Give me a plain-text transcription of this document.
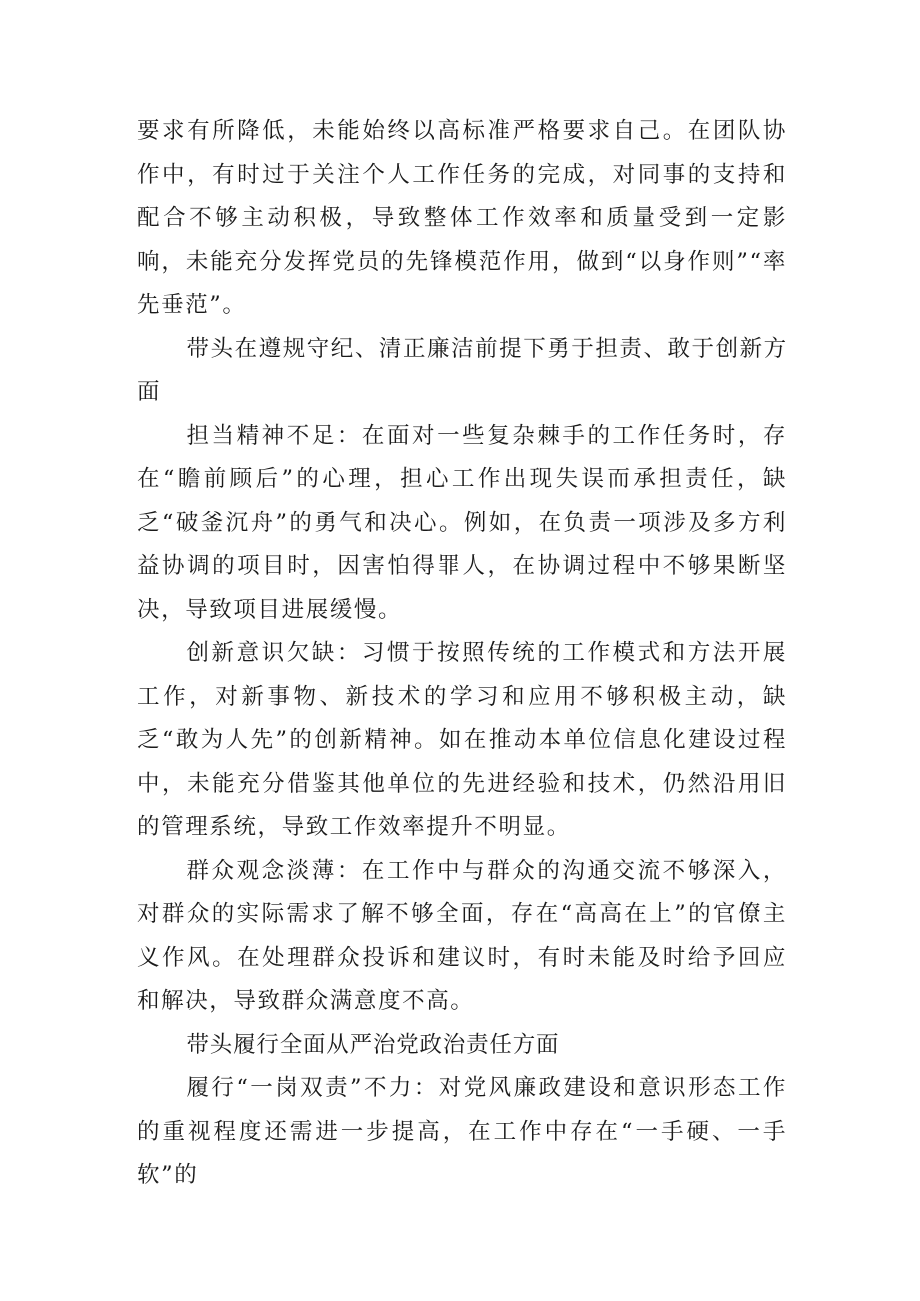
要求有所降低，未能始终以高标准严格要求自己。在团队协作中，有时过于关注个人工作任务的完成，对同事的支持和配合不够主动积极，导致整体工作效率和质量受到一定影响，未能充分发挥党员的先锋模范作用，做到“以身作则”“率先垂范”。

带头在遵规守纪、清正廉洁前提下勇于担责、敢于创新方面

担当精神不足：在面对一些复杂棘手的工作任务时，存在“瞻前顾后”的心理，担心工作出现失误而承担责任，缺乏“破釜沉舟”的勇气和决心。例如，在负责一项涉及多方利益协调的项目时，因害怕得罪人，在协调过程中不够果断坚决，导致项目进展缓慢。

创新意识欠缺：习惯于按照传统的工作模式和方法开展工作，对新事物、新技术的学习和应用不够积极主动，缺乏“敢为人先”的创新精神。如在推动本单位信息化建设过程中，未能充分借鉴其他单位的先进经验和技术，仍然沿用旧的管理系统，导致工作效率提升不明显。

群众观念淡薄：在工作中与群众的沟通交流不够深入，对群众的实际需求了解不够全面，存在“高高在上”的官僚主义作风。在处理群众投诉和建议时，有时未能及时给予回应和解决，导致群众满意度不高。

带头履行全面从严治党政治责任方面

履行“一岗双责”不力：对党风廉政建设和意识形态工作的重视程度还需进一步提高，在工作中存在“一手硬、一手软”的
